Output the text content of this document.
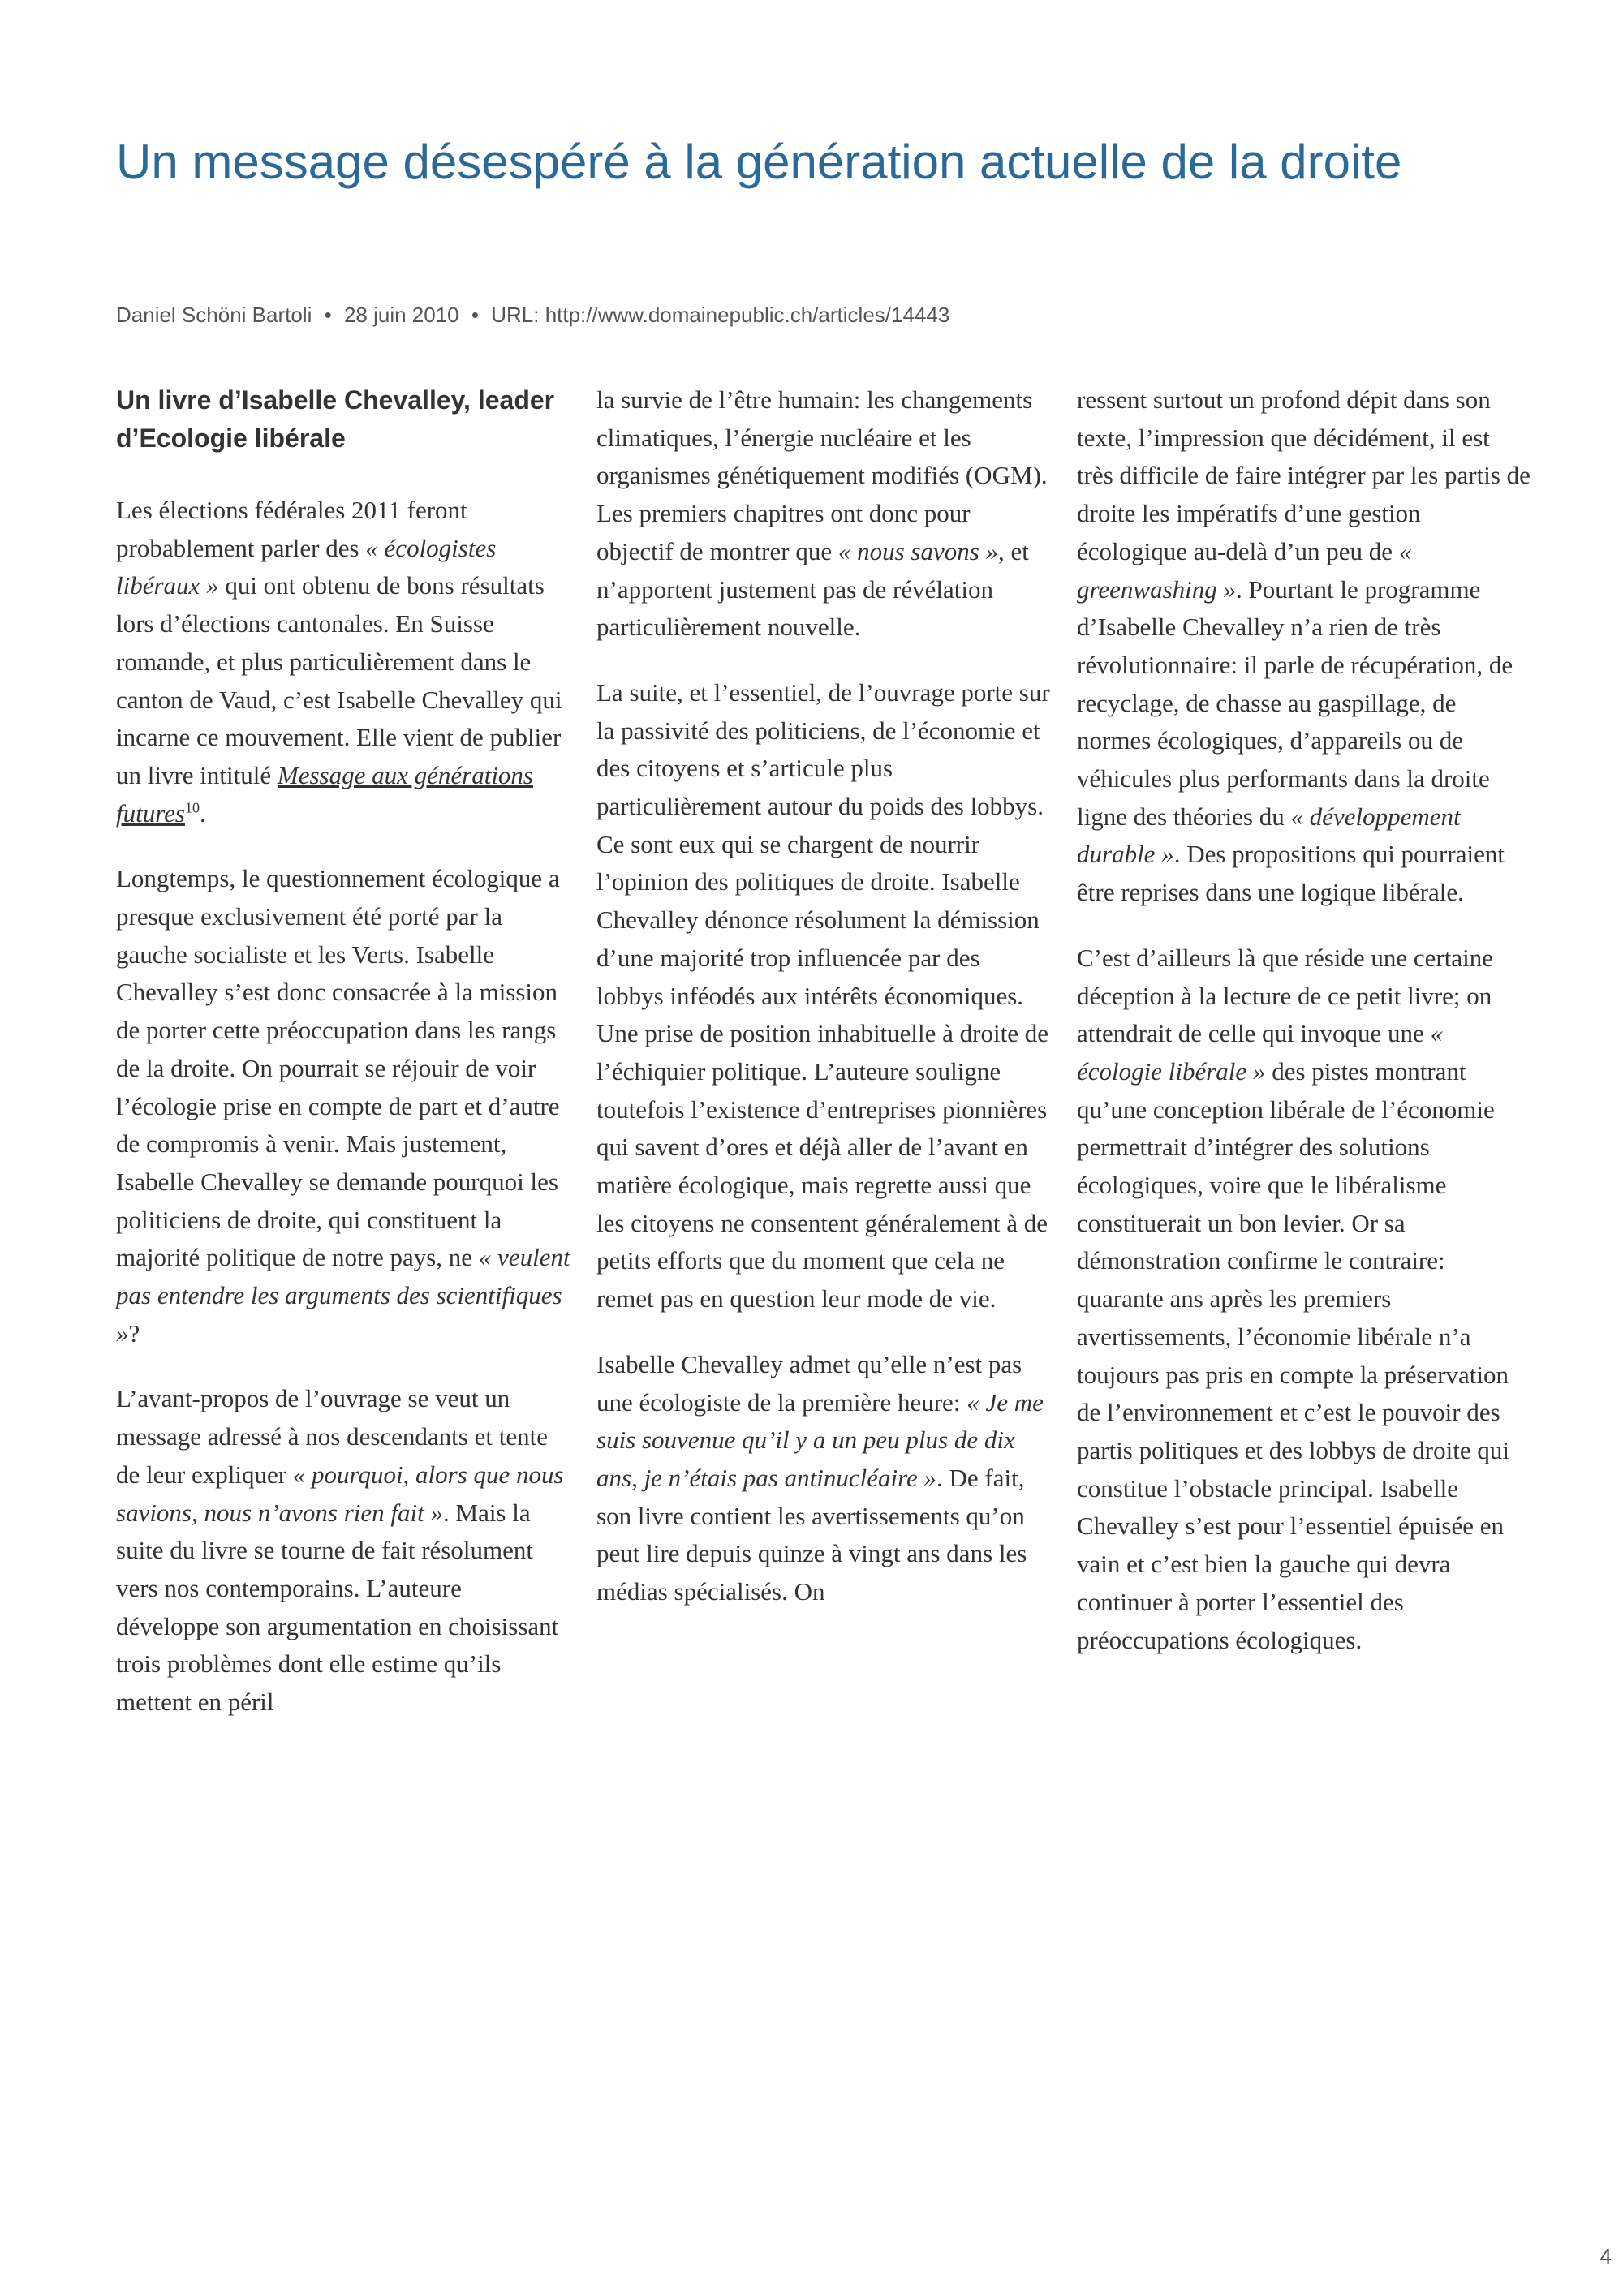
Un message désespéré à la génération actuelle de la droite
Daniel Schöni Bartoli • 28 juin 2010 • URL: http://www.domainepublic.ch/articles/14443
Un livre d’Isabelle Chevalley, leader d’Ecologie libérale

Les élections fédérales 2011 feront probablement parler des « écologistes libéraux » qui ont obtenu de bons résultats lors d’élections cantonales. En Suisse romande, et plus particulièrement dans le canton de Vaud, c’est Isabelle Chevalley qui incarne ce mouvement. Elle vient de publier un livre intitulé Message aux générations futures$^{10}$.

Longtemps, le questionnement écologique a presque exclusivement été porté par la gauche socialiste et les Verts. Isabelle Chevalley s’est donc consacrée à la mission de porter cette préoccupation dans les rangs de la droite. On pourrait se réjouir de voir l’écologie prise en compte de part et d’autre de compromis à venir. Mais justement, Isabelle Chevalley se demande pourquoi les politiciens de droite, qui constituent la majorité politique de notre pays, ne « veulent pas entendre les arguments des scientifiques »?

L’avant-propos de l’ouvrage se veut un message adressé à nos descendants et tente de leur expliquer « pourquoi, alors que nous savions, nous n’avons rien fait ». Mais la suite du livre se tourne de fait résolument vers nos contemporains. L’auteure développe son argumentation en choisissant trois problèmes dont elle estime qu’ils mettent en péril

la survie de l’être humain: les changements climatiques, l’énergie nucléaire et les organismes génétiquement modifiés (OGM). Les premiers chapitres ont donc pour objectif de montrer que « nous savons », et n’apportent justement pas de révélation particulièrement nouvelle.

La suite, et l’essentiel, de l’ouvrage porte sur la passivité des politiciens, de l’économie et des citoyens et s’articule plus particulièrement autour du poids des lobbys. Ce sont eux qui se chargent de nourrir l’opinion des politiques de droite. Isabelle Chevalley dénonce résolument la démission d’une majorité trop influencée par des lobbys inféodés aux intérêts économiques. Une prise de position inhabituelle à droite de l’échiquier politique. L’auteure souligne toutefois l’existence d’entreprises pionnières qui savent d’ores et déjà aller de l’avant en matière écologique, mais regrette aussi que les citoyens ne consentent généralement à de petits efforts que du moment que cela ne remet pas en question leur mode de vie.

Isabelle Chevalley admet qu’elle n’est pas une écologiste de la première heure: « Je me suis souvenue qu’il y a un peu plus de dix ans, je n’étais pas antinucléaire ». De fait, son livre contient les avertissements qu’on peut lire depuis quinze à vingt ans dans les médias spécialisés. On

ressent surtout un profond dépit dans son texte, l’impression que décidément, il est très difficile de faire intégrer par les partis de droite les impératifs d’une gestion écologique au-delà d’un peu de « greenwashing ». Pourtant le programme d’Isabelle Chevalley n’a rien de très révolutionnaire: il parle de récupération, de recyclage, de chasse au gaspillage, de normes écologiques, d’appareils ou de véhicules plus performants dans la droite ligne des théories du « développement durable ». Des propositions qui pourraient être reprises dans une logique libérale.

C’est d’ailleurs là que réside une certaine déception à la lecture de ce petit livre; on attendrait de celle qui invoque une « écologie libérale » des pistes montrant qu’une conception libérale de l’économie permettrait d’intégrer des solutions écologiques, voire que le libéralisme constituerait un bon levier. Or sa démonstration confirme le contraire: quarante ans après les premiers avertissements, l’économie libérale n’a toujours pas pris en compte la préservation de l’environnement et c’est le pouvoir des partis politiques et des lobbys de droite qui constitue l’obstacle principal. Isabelle Chevalley s’est pour l’essentiel épuisée en vain et c’est bien la gauche qui devra continuer à porter l’essentiel des préoccupations écologiques.

4
